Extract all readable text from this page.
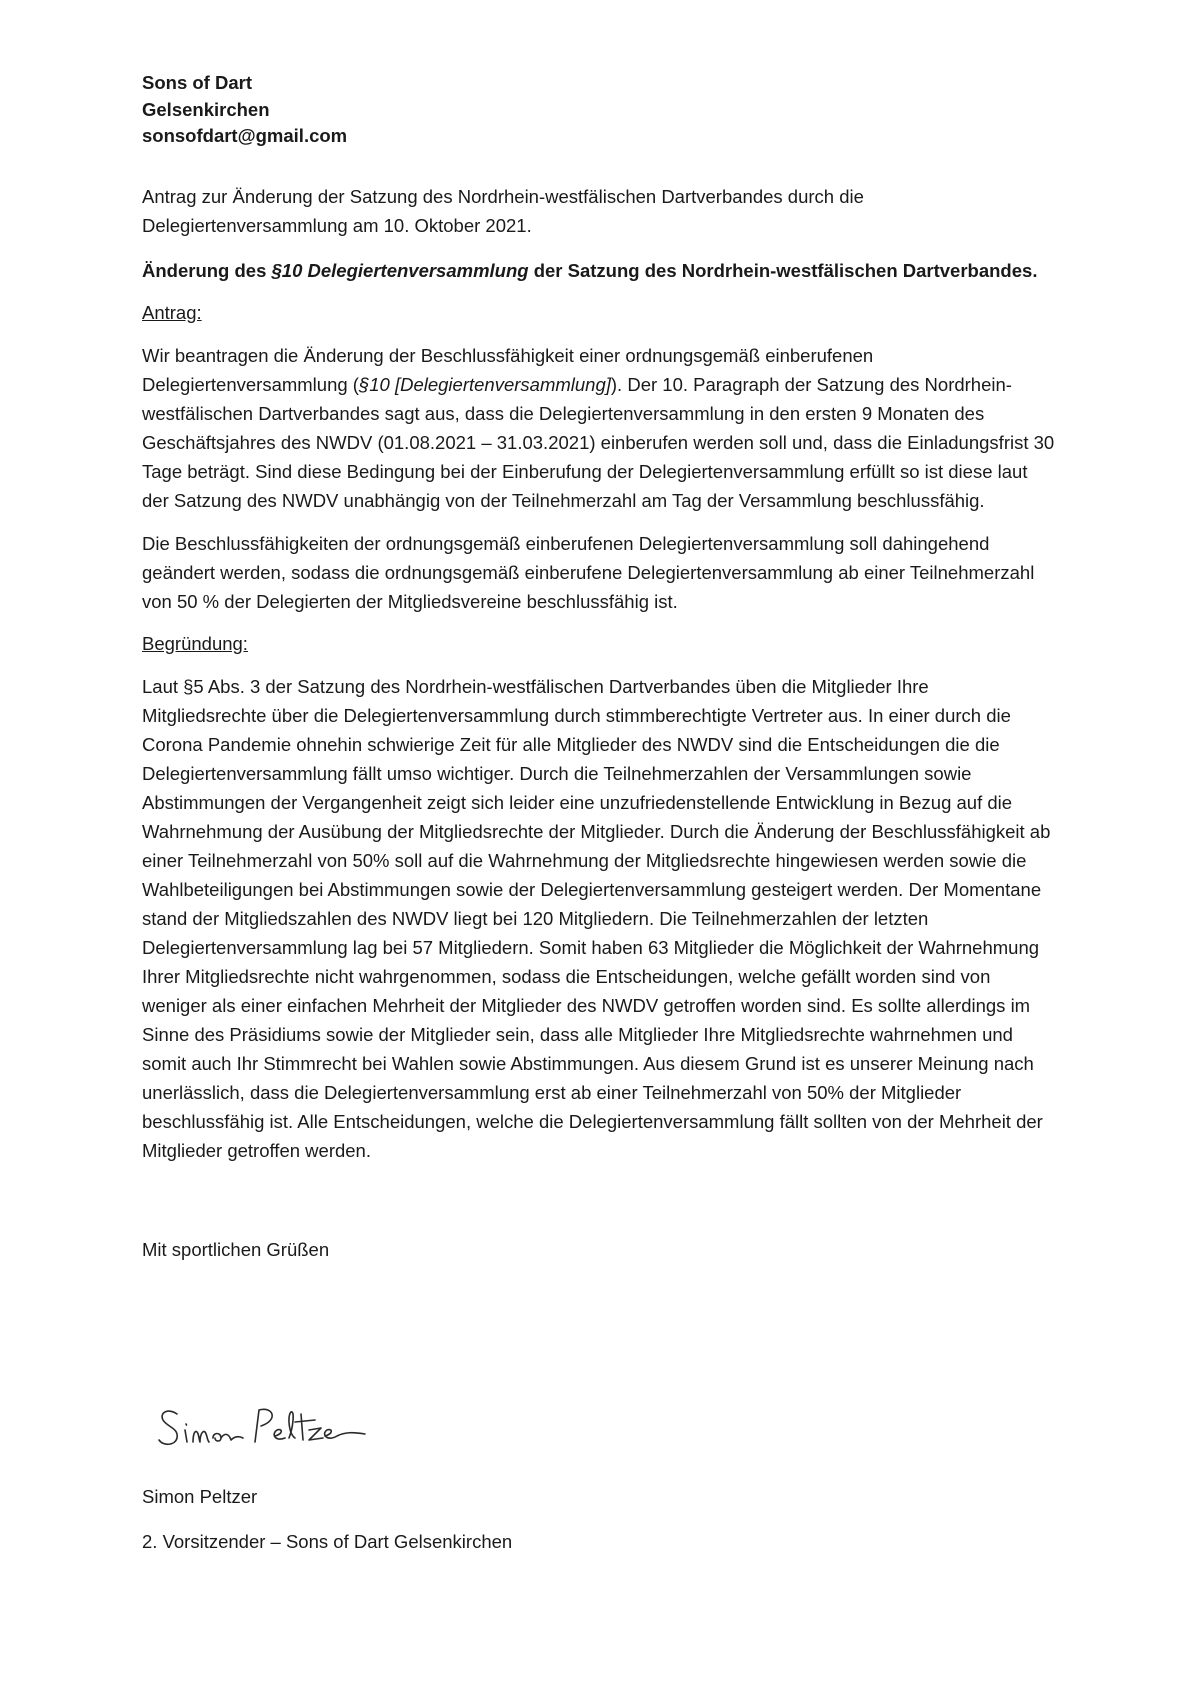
Sons of Dart
Gelsenkirchen
sonsofdart@gmail.com

Antrag zur Änderung der Satzung des Nordrhein-westfälischen Dartverbandes durch die Delegiertenversammlung am 10. Oktober 2021.

Änderung des §10 Delegiertenversammlung der Satzung des Nordrhein-westfälischen Dartverbandes.

Antrag:

Wir beantragen die Änderung der Beschlussfähigkeit einer ordnungsgemäß einberufenen Delegiertenversammlung (§10 [Delegiertenversammlung]). Der 10. Paragraph der Satzung des Nordrhein-westfälischen Dartverbandes sagt aus, dass die Delegiertenversammlung in den ersten 9 Monaten des Geschäftsjahres des NWDV (01.08.2021 – 31.03.2021) einberufen werden soll und, dass die Einladungsfrist 30 Tage beträgt. Sind diese Bedingung bei der Einberufung der Delegiertenversammlung erfüllt so ist diese laut der Satzung des NWDV unabhängig von der Teilnehmerzahl am Tag der Versammlung beschlussfähig.

Die Beschlussfähigkeiten der ordnungsgemäß einberufenen Delegiertenversammlung soll dahingehend geändert werden, sodass die ordnungsgemäß einberufene Delegiertenversammlung ab einer Teilnehmerzahl von 50 % der Delegierten der Mitgliedsvereine beschlussfähig ist.

Begründung:

Laut §5 Abs. 3 der Satzung des Nordrhein-westfälischen Dartverbandes üben die Mitglieder Ihre Mitgliedsrechte über die Delegiertenversammlung durch stimmberechtigte Vertreter aus. In einer durch die Corona Pandemie ohnehin schwierige Zeit für alle Mitglieder des NWDV sind die Entscheidungen die die Delegiertenversammlung fällt umso wichtiger. Durch die Teilnehmerzahlen der Versammlungen sowie Abstimmungen der Vergangenheit zeigt sich leider eine unzufriedenstellende Entwicklung in Bezug auf die Wahrnehmung der Ausübung der Mitgliedsrechte der Mitglieder. Durch die Änderung der Beschlussfähigkeit ab einer Teilnehmerzahl von 50% soll auf die Wahrnehmung der Mitgliedsrechte hingewiesen werden sowie die Wahlbeteiligungen bei Abstimmungen sowie der Delegiertenversammlung gesteigert werden. Der Momentane stand der Mitgliedszahlen des NWDV liegt bei 120 Mitgliedern. Die Teilnehmerzahlen der letzten Delegiertenversammlung lag bei 57 Mitgliedern. Somit haben 63 Mitglieder die Möglichkeit der Wahrnehmung Ihrer Mitgliedsrechte nicht wahrgenommen, sodass die Entscheidungen, welche gefällt worden sind von weniger als einer einfachen Mehrheit der Mitglieder des NWDV getroffen worden sind. Es sollte allerdings im Sinne des Präsidiums sowie der Mitglieder sein, dass alle Mitglieder Ihre Mitgliedsrechte wahrnehmen und somit auch Ihr Stimmrecht bei Wahlen sowie Abstimmungen. Aus diesem Grund ist es unserer Meinung nach unerlässlich, dass die Delegiertenversammlung erst ab einer Teilnehmerzahl von 50% der Mitglieder beschlussfähig ist. Alle Entscheidungen, welche die Delegiertenversammlung fällt sollten von der Mehrheit der Mitglieder getroffen werden.

Mit sportlichen Grüßen

Simon Peltzer
2. Vorsitzender – Sons of Dart Gelsenkirchen
